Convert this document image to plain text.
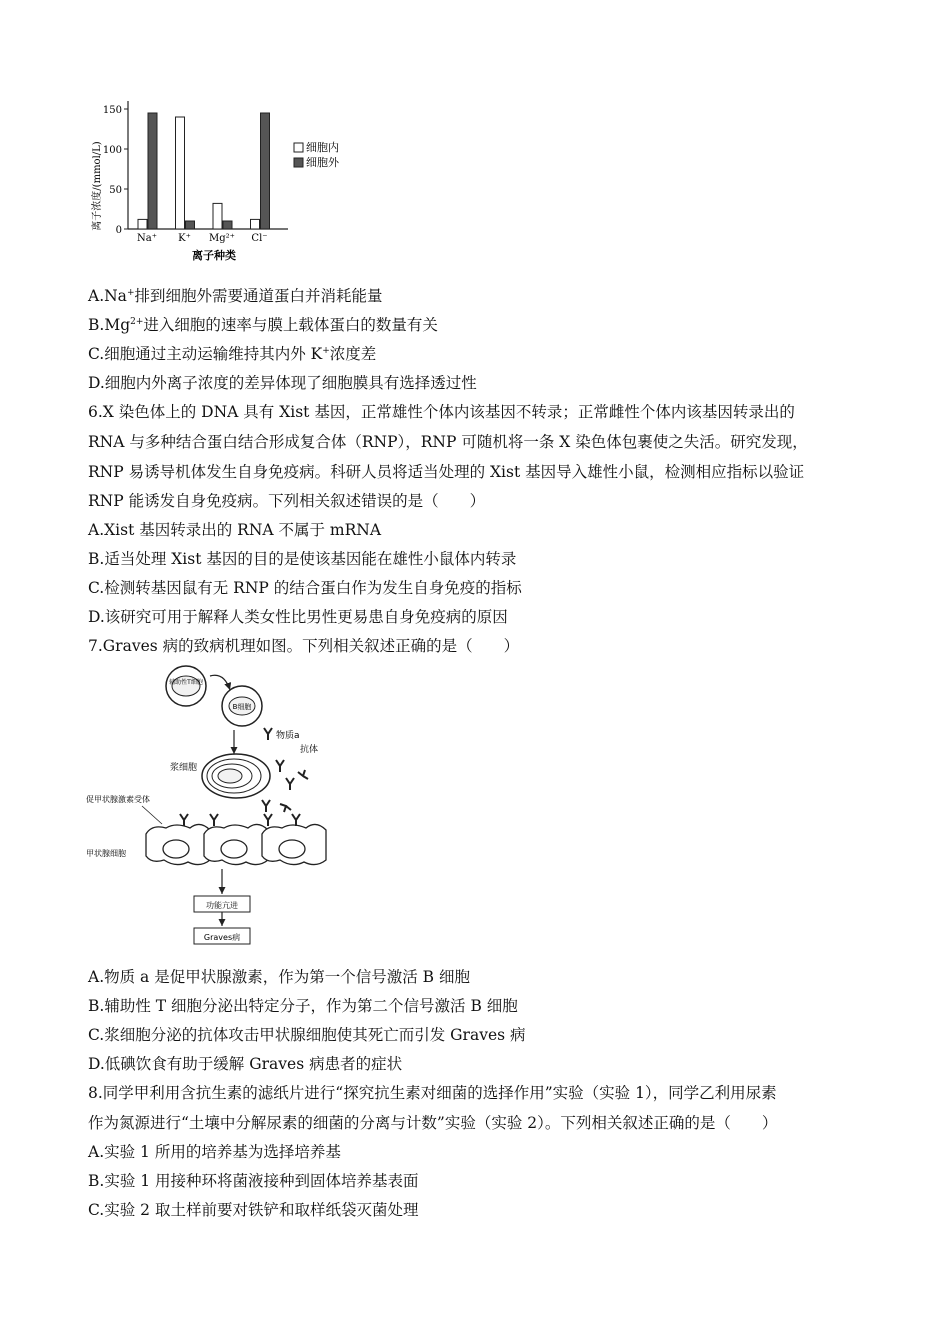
离子浓度/(mmol/L)
离子种类
细胞内
细胞外
0
50
100
150
Na⁺ K⁺ Mg²⁺ Cl⁻
A.Na+排到细胞外需要通道蛋白并消耗能量
$B.Mg^{2+}$进入细胞的速率与膜上载体蛋白的数量有关
C.细胞通过主动运输维持其内外 K+浓度差
D.细胞内外离子浓度的差异体现了细胞膜具有选择透过性
6.X 染色体上的 DNA 具有 Xist 基因，正常雄性个体内该基因不转录；正常雌性个体内该基因转录出的
RNA 与多种结合蛋白结合形成复合体（RNP），RNP 可随机将一条 X 染色体包裹使之失活。研究发现，
RNP 易诱导机体发生自身免疫病。科研人员将适当处理的 Xist 基因导入雄性小鼠，检测相应指标以验证
RNP 能诱发自身免疫病。下列相关叙述错误的是（　　）
A.Xist 基因转录出的 RNA 不属于 mRNA
B.适当处理 Xist 基因的目的是使该基因能在雄性小鼠体内转录
C.检测转基因鼠有无 RNP 的结合蛋白作为发生自身免疫的指标
D.该研究可用于解释人类女性比男性更易患自身免疫病的原因
7.Graves 病的致病机理如图。下列相关叙述正确的是（　　）
辅助性T细胞
B细胞
物质a
浆细胞
抗体
促甲状腺激素受体
甲状腺细胞
功能亢进
Graves病
A.物质 a 是促甲状腺激素，作为第一个信号激活 B 细胞
B.辅助性 T 细胞分泌出特定分子，作为第二个信号激活 B 细胞
C.浆细胞分泌的抗体攻击甲状腺细胞使其死亡而引发 Graves 病
D.低碘饮食有助于缓解 Graves 病患者的症状
8.同学甲利用含抗生素的滤纸片进行“探究抗生素对细菌的选择作用”实验（实验 1），同学乙利用尿素
作为氮源进行“土壤中分解尿素的细菌的分离与计数”实验（实验 2）。下列相关叙述正确的是（　　）
A.实验 1 所用的培养基为选择培养基
B.实验 1 用接种环将菌液接种到固体培养基表面
C.实验 2 取土样前要对铁铲和取样纸袋灭菌处理
